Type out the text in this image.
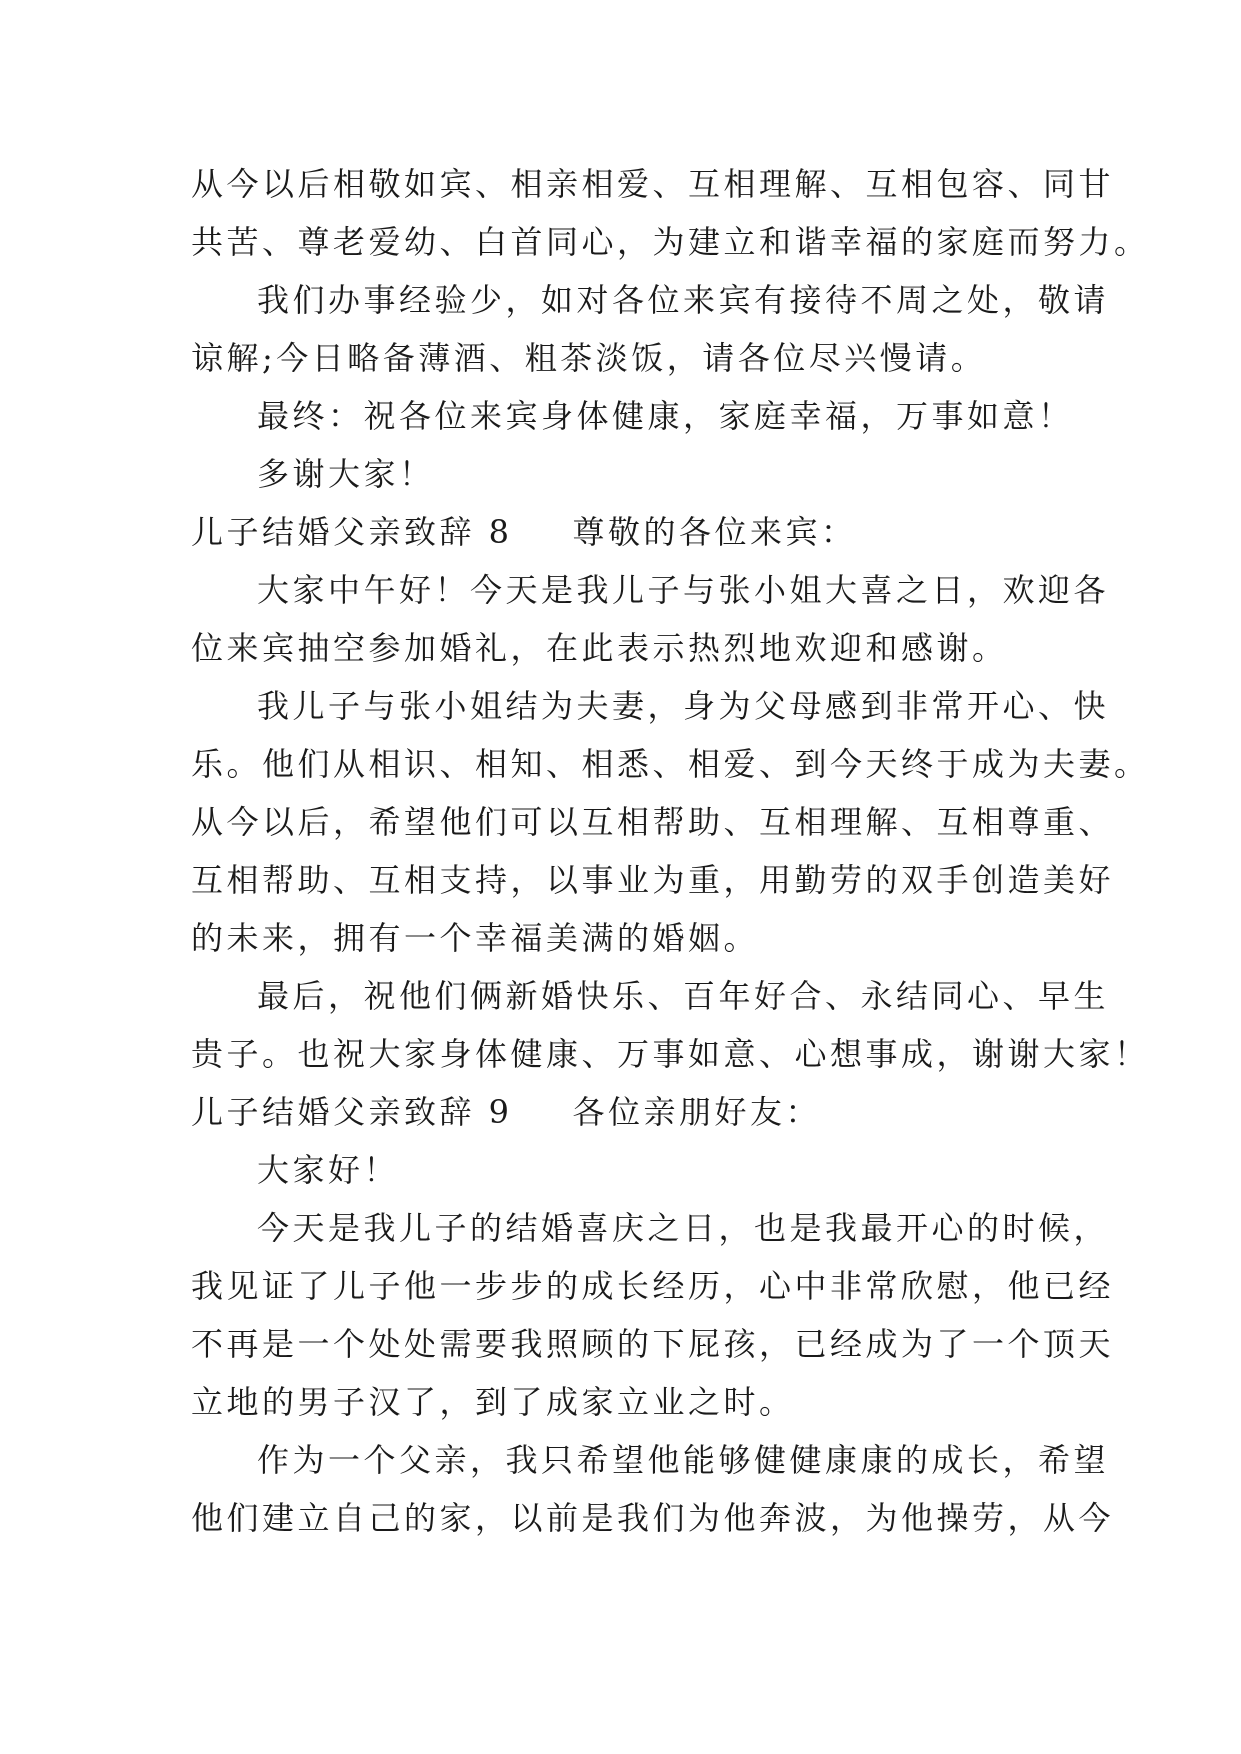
从今以后相敬如宾、相亲相爱、互相理解、互相包容、同甘
共苦、尊老爱幼、白首同心，为建立和谐幸福的家庭而努力。
我们办事经验少，如对各位来宾有接待不周之处，敬请
谅解;今日略备薄酒、粗茶淡饭，请各位尽兴慢请。
最终：祝各位来宾身体健康，家庭幸福，万事如意！
多谢大家！
儿子结婚父亲致辞 8 尊敬的各位来宾：
大家中午好！今天是我儿子与张小姐大喜之日，欢迎各
位来宾抽空参加婚礼，在此表示热烈地欢迎和感谢。
我儿子与张小姐结为夫妻，身为父母感到非常开心、快
乐。他们从相识、相知、相悉、相爱、到今天终于成为夫妻。
从今以后，希望他们可以互相帮助、互相理解、互相尊重、
互相帮助、互相支持，以事业为重，用勤劳的双手创造美好
的未来，拥有一个幸福美满的婚姻。
最后，祝他们俩新婚快乐、百年好合、永结同心、早生
贵子。也祝大家身体健康、万事如意、心想事成，谢谢大家！
儿子结婚父亲致辞 9 各位亲朋好友：
大家好！
今天是我儿子的结婚喜庆之日，也是我最开心的时候，
我见证了儿子他一步步的成长经历，心中非常欣慰，他已经
不再是一个处处需要我照顾的下屁孩，已经成为了一个顶天
立地的男子汉了，到了成家立业之时。
作为一个父亲，我只希望他能够健健康康的成长，希望
他们建立自己的家，以前是我们为他奔波，为他操劳，从今
